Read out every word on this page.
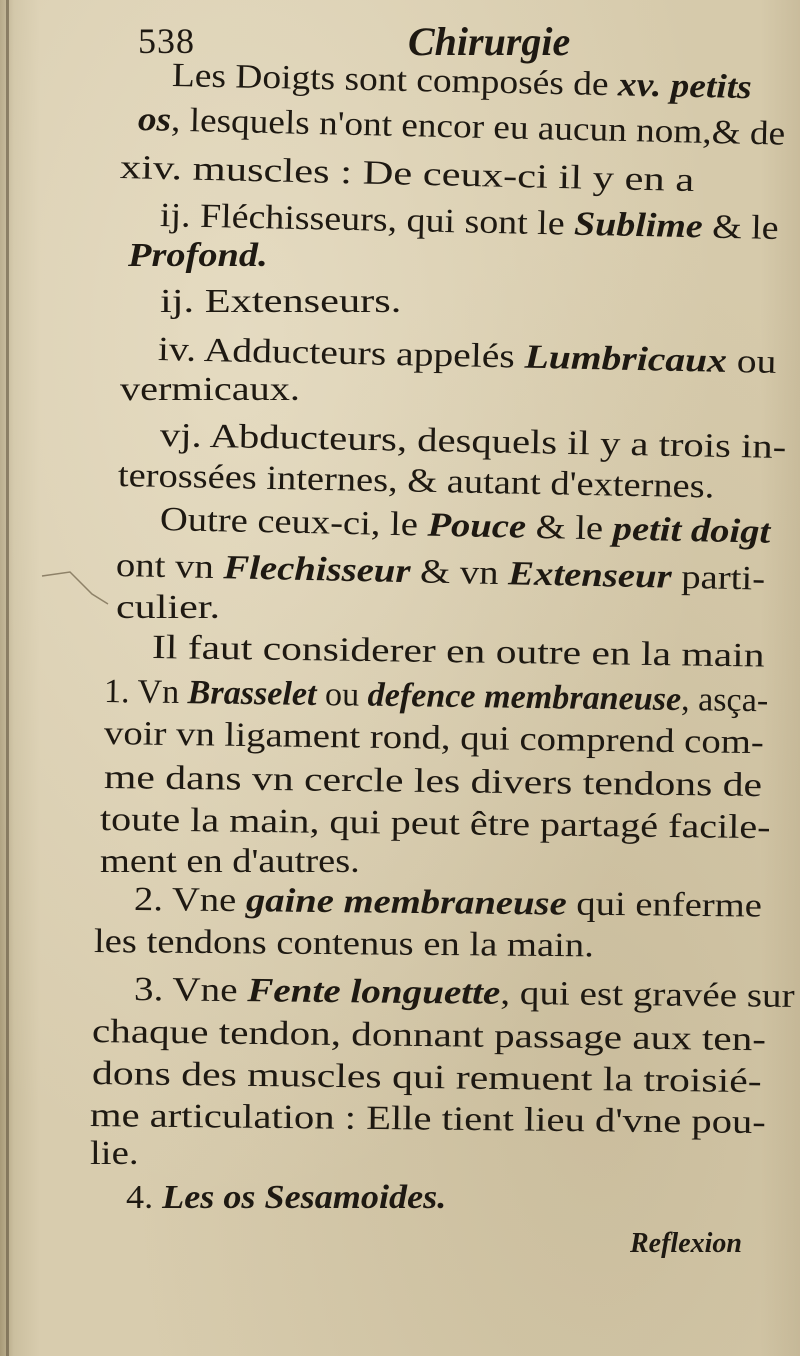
538	Chirurgie
Les Doigts sont composés de xv. petits
os, lesquels n'ont encor eu aucun nom,& de
xiv. muscles : De ceux-ci il y en a
ij. Fléchisseurs, qui sont le Sublime & le
Profond.
ij. Extenseurs.
iv. Adducteurs appelés Lumbricaux ou
vermicaux.
vj. Abducteurs, desquels il y a trois in-
terossées internes, & autant d'externes.
Outre ceux-ci, le Pouce & le petit doigt
ont vn Flechisseur & vn Extenseur parti-
culier.
Il faut considerer en outre en la main
1. Vn Brasselet ou defence membraneuse, asça-
voir vn ligament rond, qui comprend com-
me dans vn cercle les divers tendons de
toute la main, qui peut être partagé facile-
ment en d'autres.
2. Vne gaine membraneuse qui enferme
les tendons contenus en la main.
3. Vne Fente longuette, qui est gravée sur
chaque tendon, donnant passage aux ten-
dons des muscles qui remuent la troisié-
me articulation : Elle tient lieu d'vne pou-
lie.
4. Les os Sesamoides.
Reflexion
